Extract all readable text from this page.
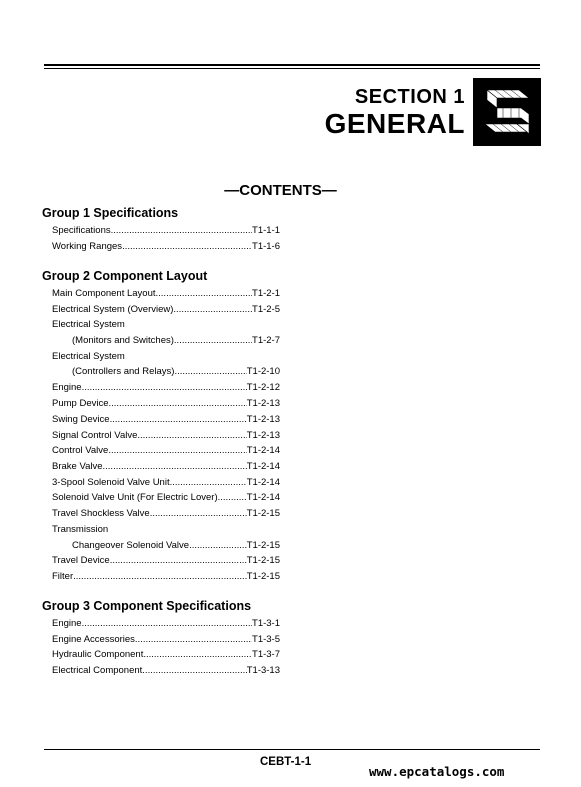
SECTION 1
GENERAL
—CONTENTS—
Group 1 Specifications
Specifications .....	T1-1-1
Working Ranges .....	T1-1-6
Group 2 Component Layout
Main Component Layout .....	T1-2-1
Electrical System (Overview) .....	T1-2-5
Electrical System
(Monitors and Switches) .....	T1-2-7
Electrical System
(Controllers and Relays) .....	T1-2-10
Engine .....	T1-2-12
Pump Device .....	T1-2-13
Swing Device .....	T1-2-13
Signal Control Valve .....	T1-2-13
Control Valve .....	T1-2-14
Brake Valve .....	T1-2-14
3-Spool Solenoid Valve Unit .....	T1-2-14
Solenoid Valve Unit (For Electric Lover) .....	T1-2-14
Travel Shockless Valve .....	T1-2-15
Transmission
Changeover Solenoid Valve .....	T1-2-15
Travel Device .....	T1-2-15
Filter .....	T1-2-15
Group 3 Component Specifications
Engine .....	T1-3-1
Engine Accessories .....	T1-3-5
Hydraulic Component .....	T1-3-7
Electrical Component .....	T1-3-13
CEBT-1-1
www.epcatalogs.com
